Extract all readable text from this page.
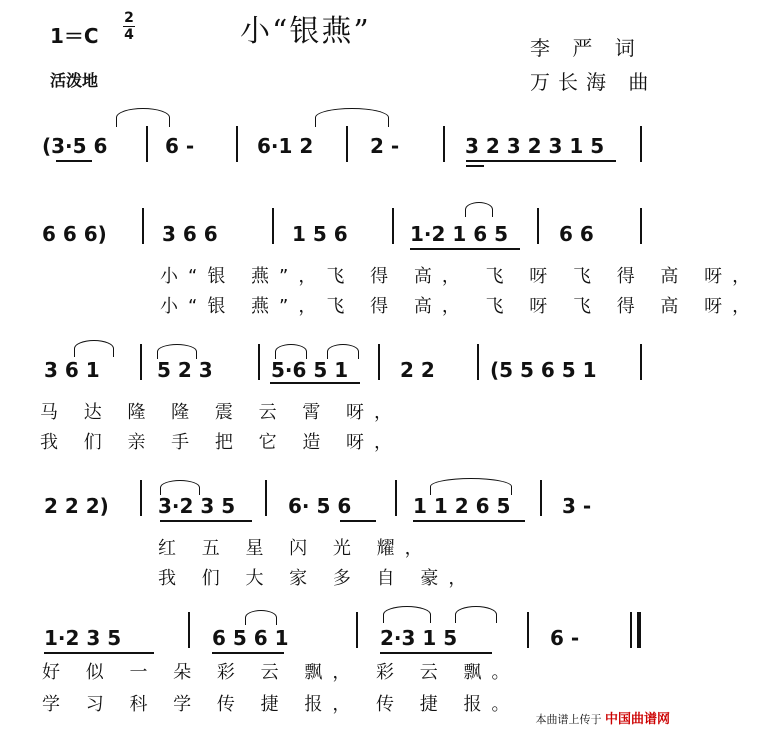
小“银燕”
1＝C
2
4
活泼地
李 严 词
万长海 曲
(3·5 6	6 -	6·1 2	2 -	3 2 3 2 3 1 5
6 6 6)	3 6 6	1 5 6	1·2 1 6 5	6 6
小“银 燕”，飞 得 高， 飞 呀 飞 得 高 呀，
小“银 燕”，飞 得 高， 飞 呀 飞 得 高 呀，
3 6 1	5 2 3	5·6 5 1	2 2	(5 5 6 5 1
马 达 隆 隆 震 云 霄 呀，
我 们 亲 手 把 它 造 呀，
2 2 2) 3·2 3 5	6· 5 6	1 1 2 6 5	3 -
红 五 星 闪 光 耀，
我 们 大 家 多 自 豪，
1·2 3 5	6 5 6 1	2·3 1 5	6 -
好 似 一 朵 彩 云 飘， 彩 云 飘。
学 习 科 学 传 捷 报， 传 捷 报。
本曲谱上传于 中国曲谱网
